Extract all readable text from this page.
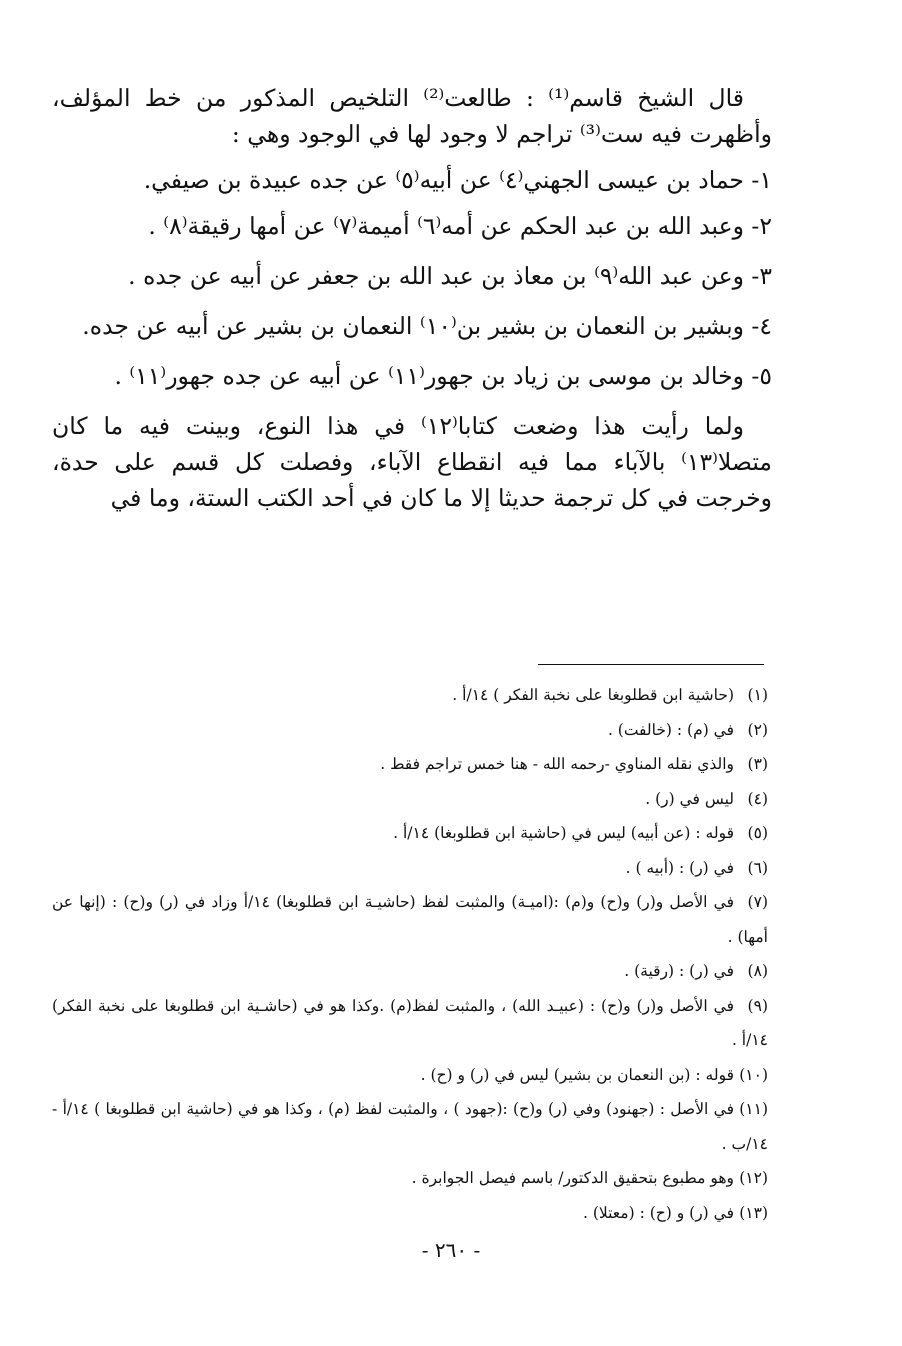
قال الشيخ قاسم⁽¹⁾ : طالعت⁽²⁾ التلخيص المذكور من خط المؤلف، وأظهرت فيه ست⁽³⁾ تراجم لا وجود لها في الوجود وهي :

١- حماد بن عيسى الجهني⁽٤⁾ عن أبيه⁽٥⁾ عن جده عبيدة بن صيفي.

٢- وعبد الله بن عبد الحكم عن أمه⁽٦⁾ أميمة⁽٧⁾ عن أمها رقيقة⁽٨⁾ .

٣- وعن عبد الله⁽٩⁾ بن معاذ بن عبد الله بن جعفر عن أبيه عن جده .

٤- وبشير بن النعمان بن بشير بن⁽١٠⁾ النعمان بن بشير عن أبيه عن جده.

٥- وخالد بن موسى بن زياد بن جهور⁽١١⁾ عن أبيه عن جده جهور⁽١١⁾ .

ولما رأيت هذا وضعت كتابا⁽١٢⁾ في هذا النوع، وبينت فيه ما كان متصلا⁽١٣⁾ بالآباء مما فيه انقطاع الآباء، وفصلت كل قسم على حدة، وخرجت في كل ترجمة حديثا إلا ما كان في أحد الكتب الستة، وما في

(١)(حاشية ابن قطلوبغا على نخبة الفكر ) ١٤/أ .

(٢)في (م) : (خالفت) .

(٣)والذي نقله المناوي -رحمه الله - هنا خمس تراجم فقط .

(٤)ليس في (ر) .

(٥)قوله : (عن أبيه) ليس في (حاشية ابن قطلوبغا) ١٤/أ .

(٦)في (ر) : (أبيه ) .

(٧)في الأصل و(ر) و(ح) و(م) :(اميـة) والمثبت لفظ (حاشيـة ابن قطلوبغا) ١٤/أ وزاد في (ر) و(ح) : (إنها عن أمها) .

(٨)في (ر) : (رقية) .

(٩)في الأصل و(ر) و(ح) : (عبيـد الله) ، والمثبت لفظ(م) .وكذا هو في (حاشـية ابن قطلوبغا على نخبة الفكر) ١٤/أ .

(١٠)قوله : (بن النعمان بن بشير) ليس في (ر) و (ح) .

(١١)في الأصل : (جهنود) وفي (ر) و(ح) :(جهود ) ، والمثبت لفظ (م) ، وكذا هو في (حاشية ابن قطلوبغا ) ١٤/أ - ١٤/ب .

(١٢)وهو مطبوع بتحقيق الدكتور/ باسم فيصل الجوابرة .

(١٣)في (ر) و (ح) : (معتلا) .

- ٢٦٠ -
